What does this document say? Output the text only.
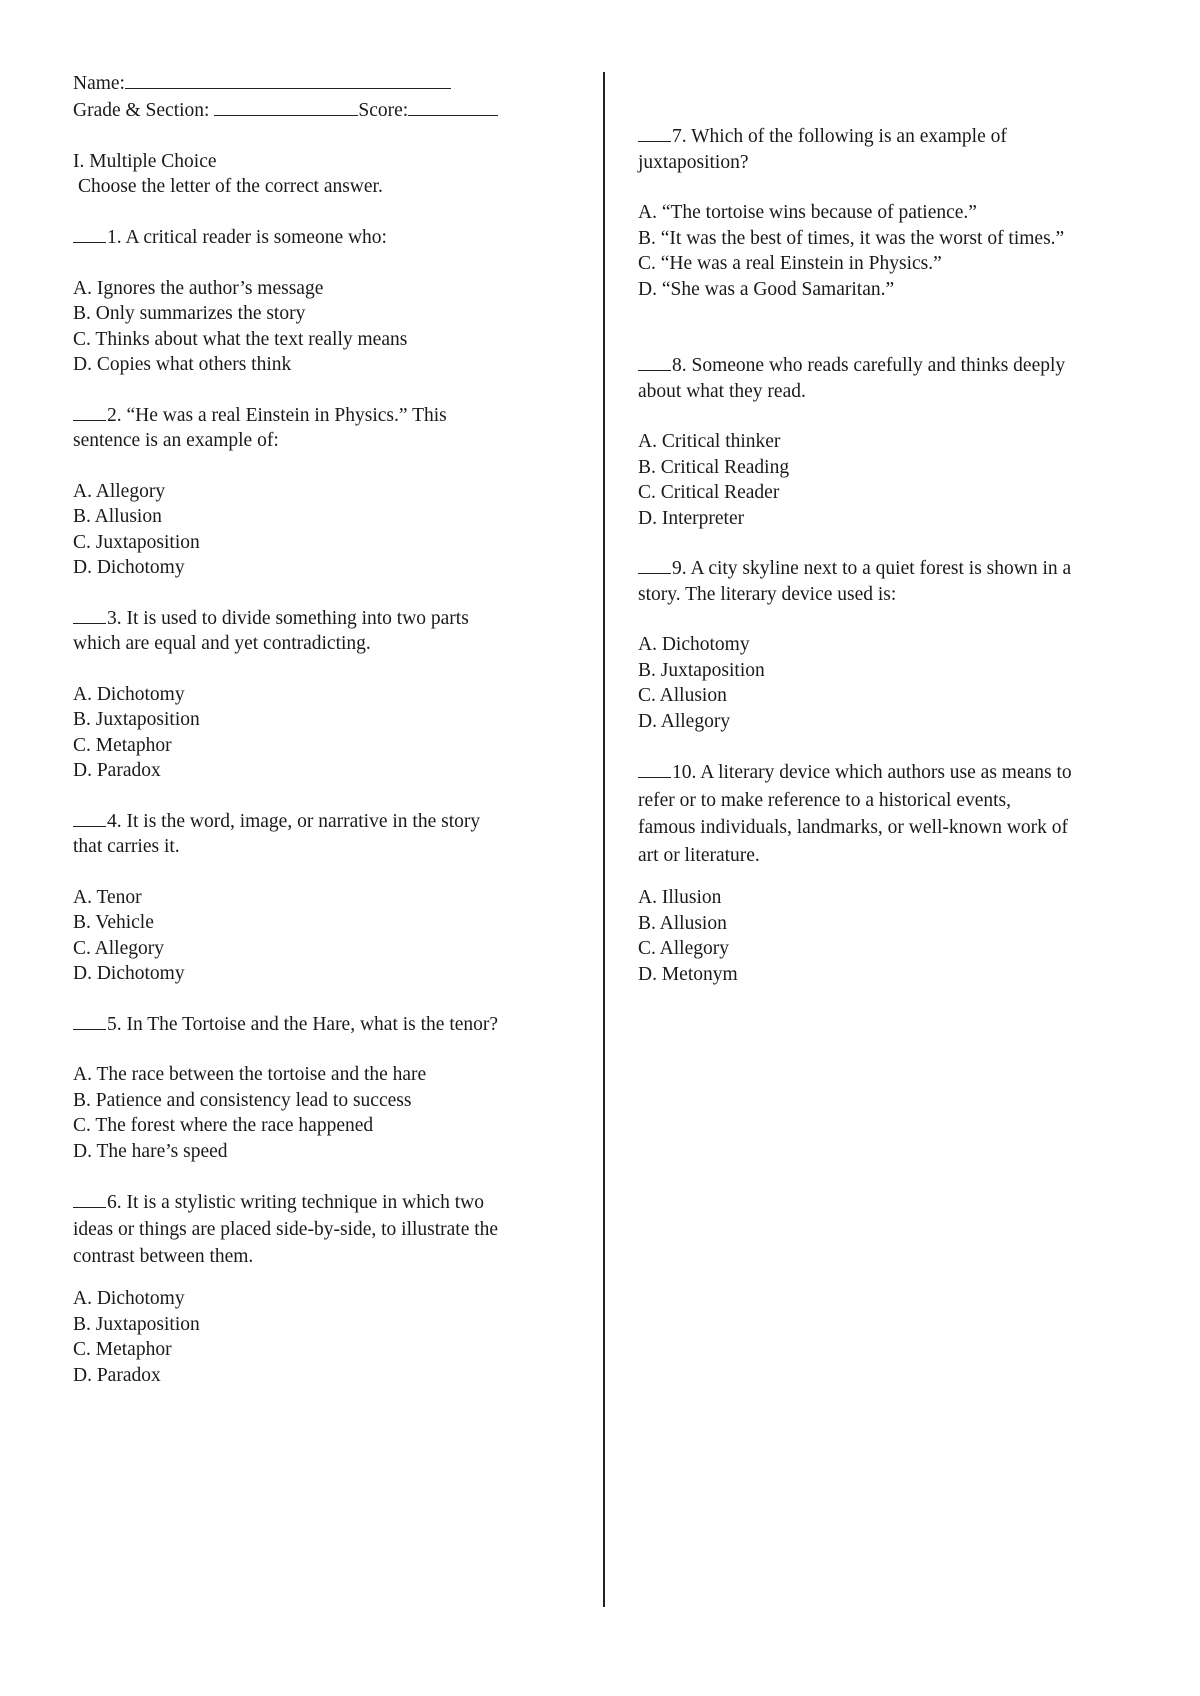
Name:
Grade & Section:	Score:
I. Multiple Choice
Choose the letter of the correct answer.
1. A critical reader is someone who:
A. Ignores the author’s message
B. Only summarizes the story
C. Thinks about what the text really means
D. Copies what others think
2. “He was a real Einstein in Physics.” This
sentence is an example of:
A. Allegory
B. Allusion
C. Juxtaposition
D. Dichotomy
3. It is used to divide something into two parts
which are equal and yet contradicting.
A. Dichotomy
B. Juxtaposition
C. Metaphor
D. Paradox
4. It is the word, image, or narrative in the story
that carries it.
A. Tenor
B. Vehicle
C. Allegory
D. Dichotomy
5. In The Tortoise and the Hare, what is the tenor?
A. The race between the tortoise and the hare
B. Patience and consistency lead to success
C. The forest where the race happened
D. The hare’s speed
6. It is a stylistic writing technique in which two
ideas or things are placed side-by-side, to illustrate the
contrast between them.
A. Dichotomy
B. Juxtaposition
C. Metaphor
D. Paradox
7. Which of the following is an example of
juxtaposition?
A. “The tortoise wins because of patience.”
B. “It was the best of times, it was the worst of times.”
C. “He was a real Einstein in Physics.”
D. “She was a Good Samaritan.”
8. Someone who reads carefully and thinks deeply
about what they read.
A. Critical thinker
B. Critical Reading
C. Critical Reader
D. Interpreter
9. A city skyline next to a quiet forest is shown in a
story. The literary device used is:
A. Dichotomy
B. Juxtaposition
C. Allusion
D. Allegory
10. A literary device which authors use as means to
refer or to make reference to a historical events,
famous individuals, landmarks, or well-known work of
art or literature.
A. Illusion
B. Allusion
C. Allegory
D. Metonym
